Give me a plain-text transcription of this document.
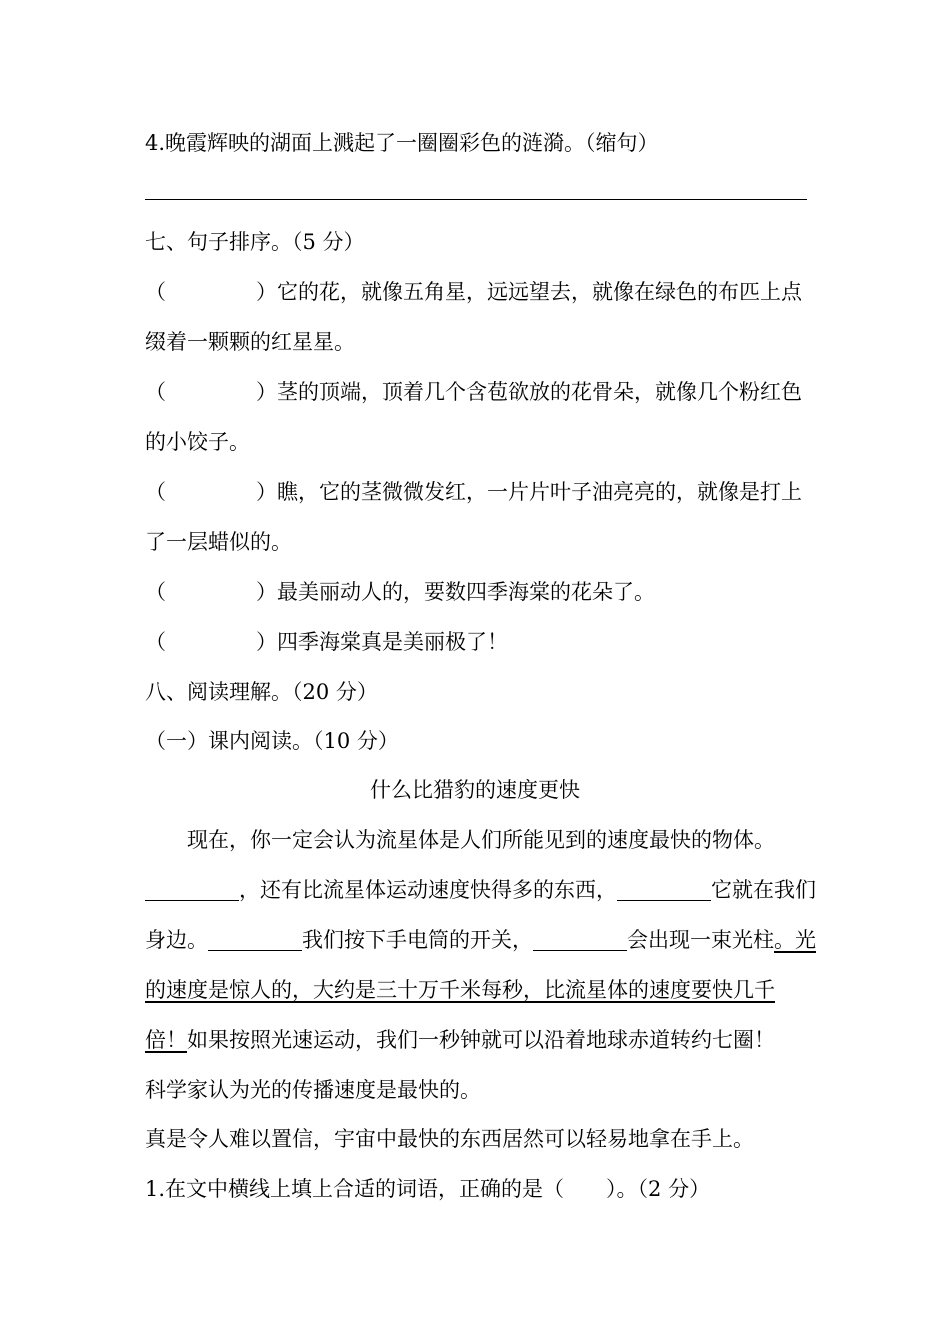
4.晚霞辉映的湖面上溅起了一圈圈彩色的涟漪。（缩句）
七、句子排序。（5 分）
（	）它的花，就像五角星，远远望去，就像在绿色的布匹上点
缀着一颗颗的红星星。
（	）茎的顶端，顶着几个含苞欲放的花骨朵，就像几个粉红色
的小饺子。
（	）瞧，它的茎微微发红，一片片叶子油亮亮的，就像是打上
了一层蜡似的。
（	）最美丽动人的，要数四季海棠的花朵了。
（	）四季海棠真是美丽极了！
八、阅读理解。（20 分）
（一）课内阅读。（10 分）
什么比猎豹的速度更快
现在，你一定会认为流星体是人们所能见到的速度最快的物体。
，还有比流星体运动速度快得多的东西，	它就在我们
身边。	我们按下手电筒的开关，	会出现一束光柱。光
的速度是惊人的，大约是三十万千米每秒，比流星体的速度要快几千
倍！如果按照光速运动，我们一秒钟就可以沿着地球赤道转约七圈！
科学家认为光的传播速度是最快的。
真是令人难以置信，宇宙中最快的东西居然可以轻易地拿在手上。
1.在文中横线上填上合适的词语，正确的是（　　）。（2 分）
